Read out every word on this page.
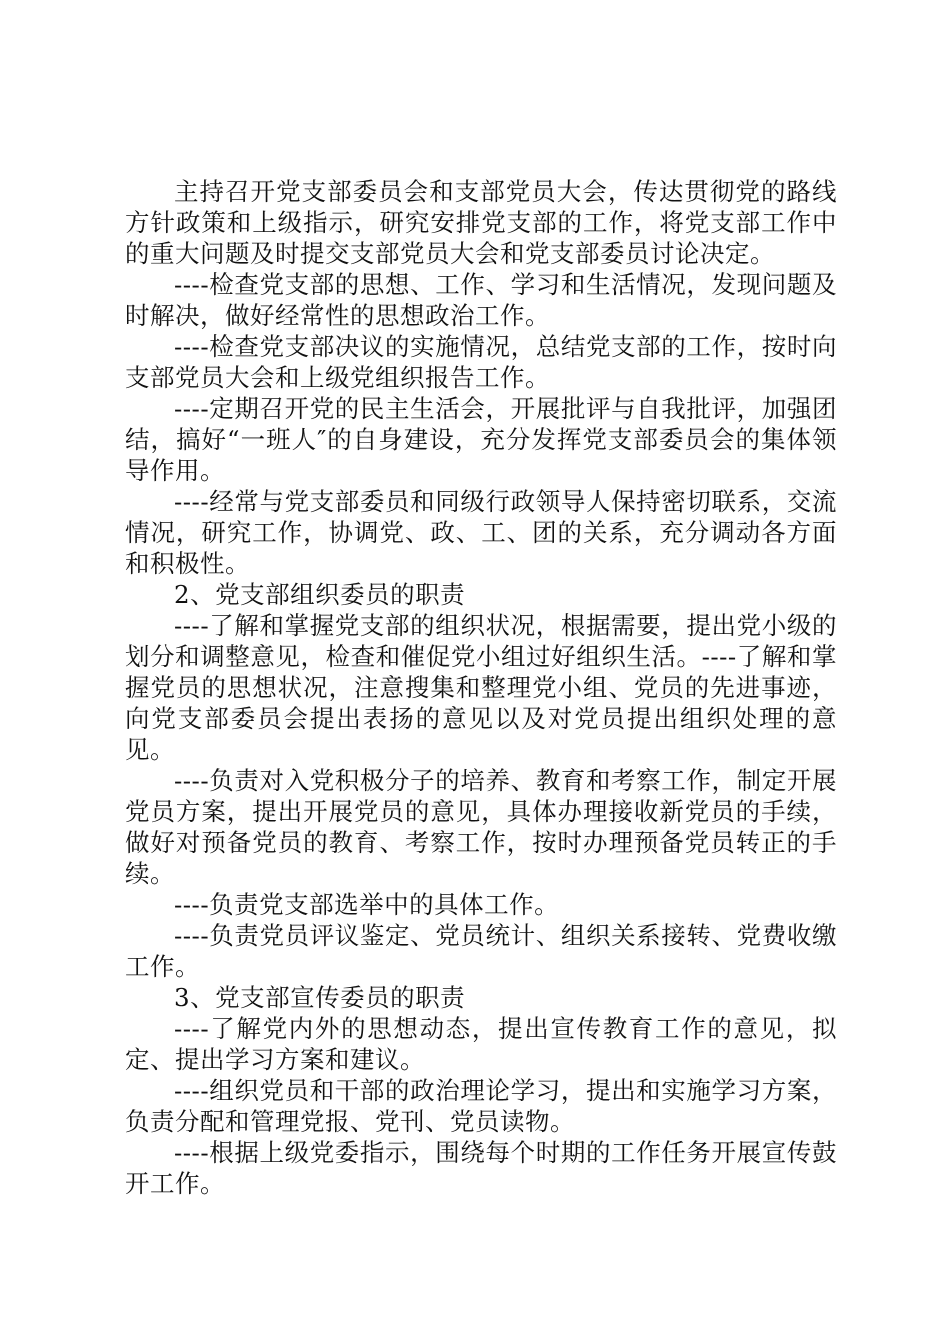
主持召开党支部委员会和支部党员大会，传达贯彻党的路线方针政策和上级指示，研究安排党支部的工作，将党支部工作中的重大问题及时提交支部党员大会和党支部委员讨论决定。

----检查党支部的思想、工作、学习和生活情况，发现问题及时解决，做好经常性的思想政治工作。

----检查党支部决议的实施情况，总结党支部的工作，按时向支部党员大会和上级党组织报告工作。

----定期召开党的民主生活会，开展批评与自我批评，加强团结，搞好“一班人″的自身建设，充分发挥党支部委员会的集体领导作用。

----经常与党支部委员和同级行政领导人保持密切联系，交流情况，研究工作，协调党、政、工、团的关系，充分调动各方面和积极性。

2、党支部组织委员的职责

----了解和掌握党支部的组织状况，根据需要，提出党小级的划分和调整意见，检查和催促党小组过好组织生活。----了解和掌握党员的思想状况，注意搜集和整理党小组、党员的先进事迹，向党支部委员会提出表扬的意见以及对党员提出组织处理的意见。

----负责对入党积极分子的培养、教育和考察工作，制定开展党员方案，提出开展党员的意见，具体办理接收新党员的手续，做好对预备党员的教育、考察工作，按时办理预备党员转正的手续。

----负责党支部选举中的具体工作。

----负责党员评议鉴定、党员统计、组织关系接转、党费收缴工作。

3、党支部宣传委员的职责

----了解党内外的思想动态，提出宣传教育工作的意见，拟定、提出学习方案和建议。

----组织党员和干部的政治理论学习，提出和实施学习方案，负责分配和管理党报、党刊、党员读物。

----根据上级党委指示，围绕每个时期的工作任务开展宣传鼓开工作。
